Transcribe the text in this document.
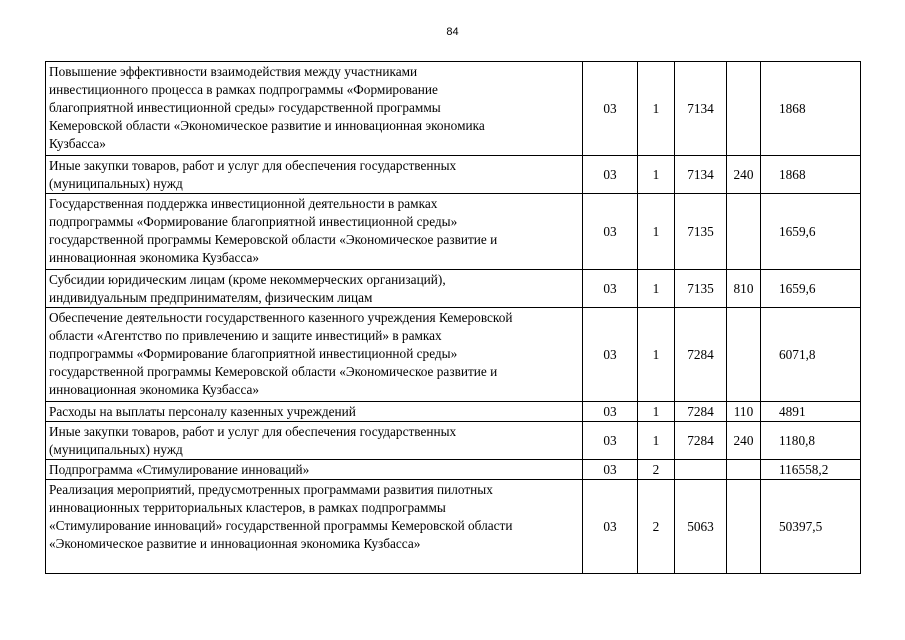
84
Повышение эффективности взаимодействия между участниками
инвестиционного процесса в рамках подпрограммы «Формирование
благоприятной инвестиционной среды» государственной программы
Кемеровской области «Экономическое развитие и инновационная экономика
Кузбасса»	03	1	7134		1868

Иные закупки товаров, работ и услуг для обеспечения государственных
(муниципальных) нужд	03	1	7134	240	1868

Государственная поддержка инвестиционной деятельности в рамках
подпрограммы «Формирование благоприятной инвестиционной среды»
государственной программы Кемеровской области «Экономическое развитие и
инновационная экономика Кузбасса»	03	1	7135		1659,6

Субсидии юридическим лицам (кроме некоммерческих организаций),
индивидуальным предпринимателям, физическим лицам	03	1	7135	810	1659,6

Обеспечение деятельности государственного казенного учреждения Кемеровской
области «Агентство по привлечению и защите инвестиций» в рамках
подпрограммы «Формирование благоприятной инвестиционной среды»
государственной программы Кемеровской области «Экономическое развитие и
инновационная экономика Кузбасса»	03	1	7284		6071,8

Расходы на выплаты персоналу казенных учреждений	03	1	7284	110	4891

Иные закупки товаров, работ и услуг для обеспечения государственных
(муниципальных) нужд	03	1	7284	240	1180,8

Подпрограмма «Стимулирование инноваций»	03	2			116558,2

Реализация мероприятий, предусмотренных программами развития пилотных
инновационных территориальных кластеров, в рамках подпрограммы
«Стимулирование инноваций» государственной программы Кемеровской области
«Экономическое развитие и инновационная экономика Кузбасса»	03	2	5063		50397,5
